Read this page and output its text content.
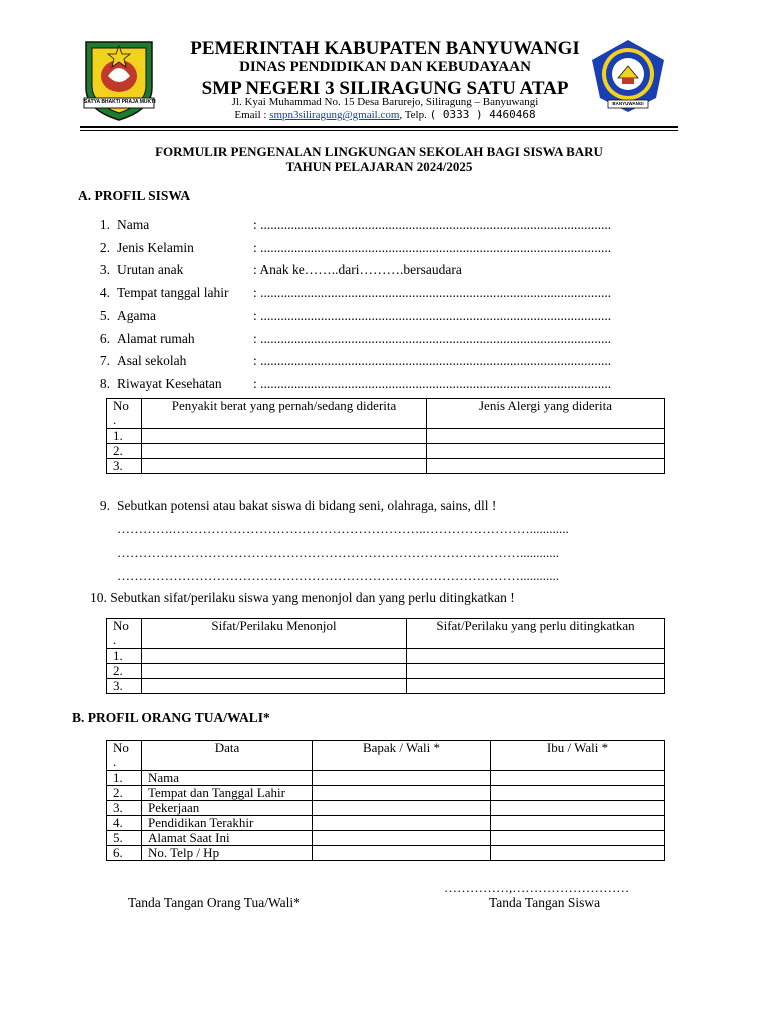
SATYA BHAKTI PRAJA MUKTI	BANYUWANGI
PEMERINTAH KABUPATEN BANYUWANGI
DINAS PENDIDIKAN DAN KEBUDAYAAN
SMP NEGERI 3 SILIRAGUNG SATU ATAP
Jl. Kyai Muhammad No. 15 Desa Barurejo, Siliragung – Banyuwangi
Email : smpn3siliragung@gmail.com, Telp. ( 0333 ) 4460468
FORMULIR PENGENALAN LINGKUNGAN SEKOLAH BAGI SISWA BARU
TAHUN PELAJARAN 2024/2025
A. PROFIL SISWA
1. Nama	: ........................................................................................................
2. Jenis Kelamin	: ........................................................................................................
3. Urutan anak	: Anak ke……..dari……….bersaudara
4. Tempat tanggal lahir : ........................................................................................................
5. Agama	: ........................................................................................................
6. Alamat rumah	: ........................................................................................................
7. Asal sekolah	: ........................................................................................................
8. Riwayat Kesehatan : ........................................................................................................
No
.	Penyakit berat yang pernah/sedang diderita	Jenis Alergi yang diderita
1.		
2.		
3.		
9. Sebutkan potensi atau bakat siswa di bidang seni, olahraga, sains, dll !
………….…………………………………………………..……………………............
…………………………………………………………………………………............
…………………………………………………………………………………............
10. Sebutkan sifat/perilaku siswa yang menonjol dan yang perlu ditingkatkan !
No
.	Sifat/Perilaku Menonjol	Sifat/Perilaku yang perlu ditingkatkan
1.		
2.		
3.		
B. PROFIL ORANG TUA/WALI*
No
.	Data	Bapak / Wali *	Ibu / Wali *
1.	Nama		
2.	Tempat dan Tanggal Lahir		
3.	Pekerjaan		
4.	Pendidikan Terakhir		
5.	Alamat Saat Ini		
6.	No. Telp / Hp		
……………,………………………
Tanda Tangan Orang Tua/Wali*	Tanda Tangan Siswa
